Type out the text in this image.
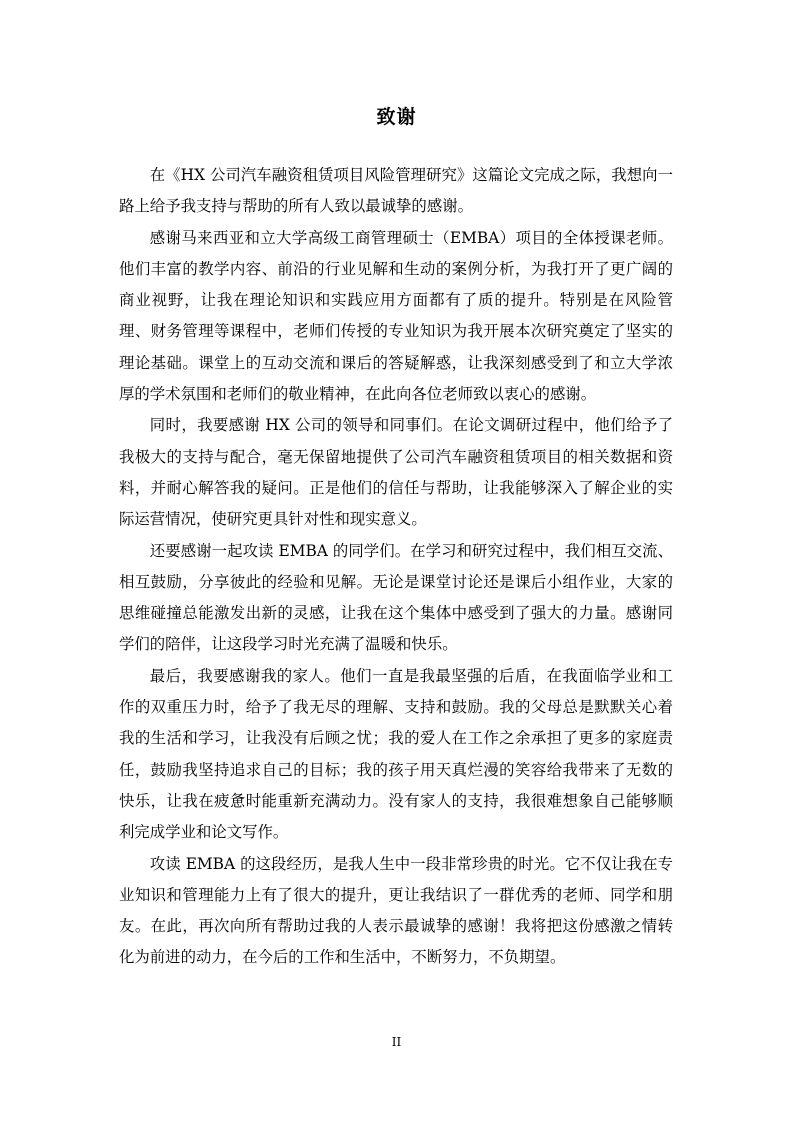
致谢

在《HX 公司汽车融资租赁项目风险管理研究》这篇论文完成之际，我想向一路上给予我支持与帮助的所有人致以最诚挚的感谢。

感谢马来西亚和立大学高级工商管理硕士（EMBA）项目的全体授课老师。他们丰富的教学内容、前沿的行业见解和生动的案例分析，为我打开了更广阔的商业视野，让我在理论知识和实践应用方面都有了质的提升。特别是在风险管理、财务管理等课程中，老师们传授的专业知识为我开展本次研究奠定了坚实的理论基础。课堂上的互动交流和课后的答疑解惑，让我深刻感受到了和立大学浓厚的学术氛围和老师们的敬业精神，在此向各位老师致以衷心的感谢。

同时，我要感谢 HX 公司的领导和同事们。在论文调研过程中，他们给予了我极大的支持与配合，毫无保留地提供了公司汽车融资租赁项目的相关数据和资料，并耐心解答我的疑问。正是他们的信任与帮助，让我能够深入了解企业的实际运营情况，使研究更具针对性和现实意义。

还要感谢一起攻读 EMBA 的同学们。在学习和研究过程中，我们相互交流、相互鼓励，分享彼此的经验和见解。无论是课堂讨论还是课后小组作业，大家的思维碰撞总能激发出新的灵感，让我在这个集体中感受到了强大的力量。感谢同学们的陪伴，让这段学习时光充满了温暖和快乐。

最后，我要感谢我的家人。他们一直是我最坚强的后盾，在我面临学业和工作的双重压力时，给予了我无尽的理解、支持和鼓励。我的父母总是默默关心着我的生活和学习，让我没有后顾之忧；我的爱人在工作之余承担了更多的家庭责任，鼓励我坚持追求自己的目标；我的孩子用天真烂漫的笑容给我带来了无数的快乐，让我在疲惫时能重新充满动力。没有家人的支持，我很难想象自己能够顺利完成学业和论文写作。

攻读 EMBA 的这段经历，是我人生中一段非常珍贵的时光。它不仅让我在专业知识和管理能力上有了很大的提升，更让我结识了一群优秀的老师、同学和朋友。在此，再次向所有帮助过我的人表示最诚挚的感谢！我将把这份感激之情转化为前进的动力，在今后的工作和生活中，不断努力，不负期望。

II
